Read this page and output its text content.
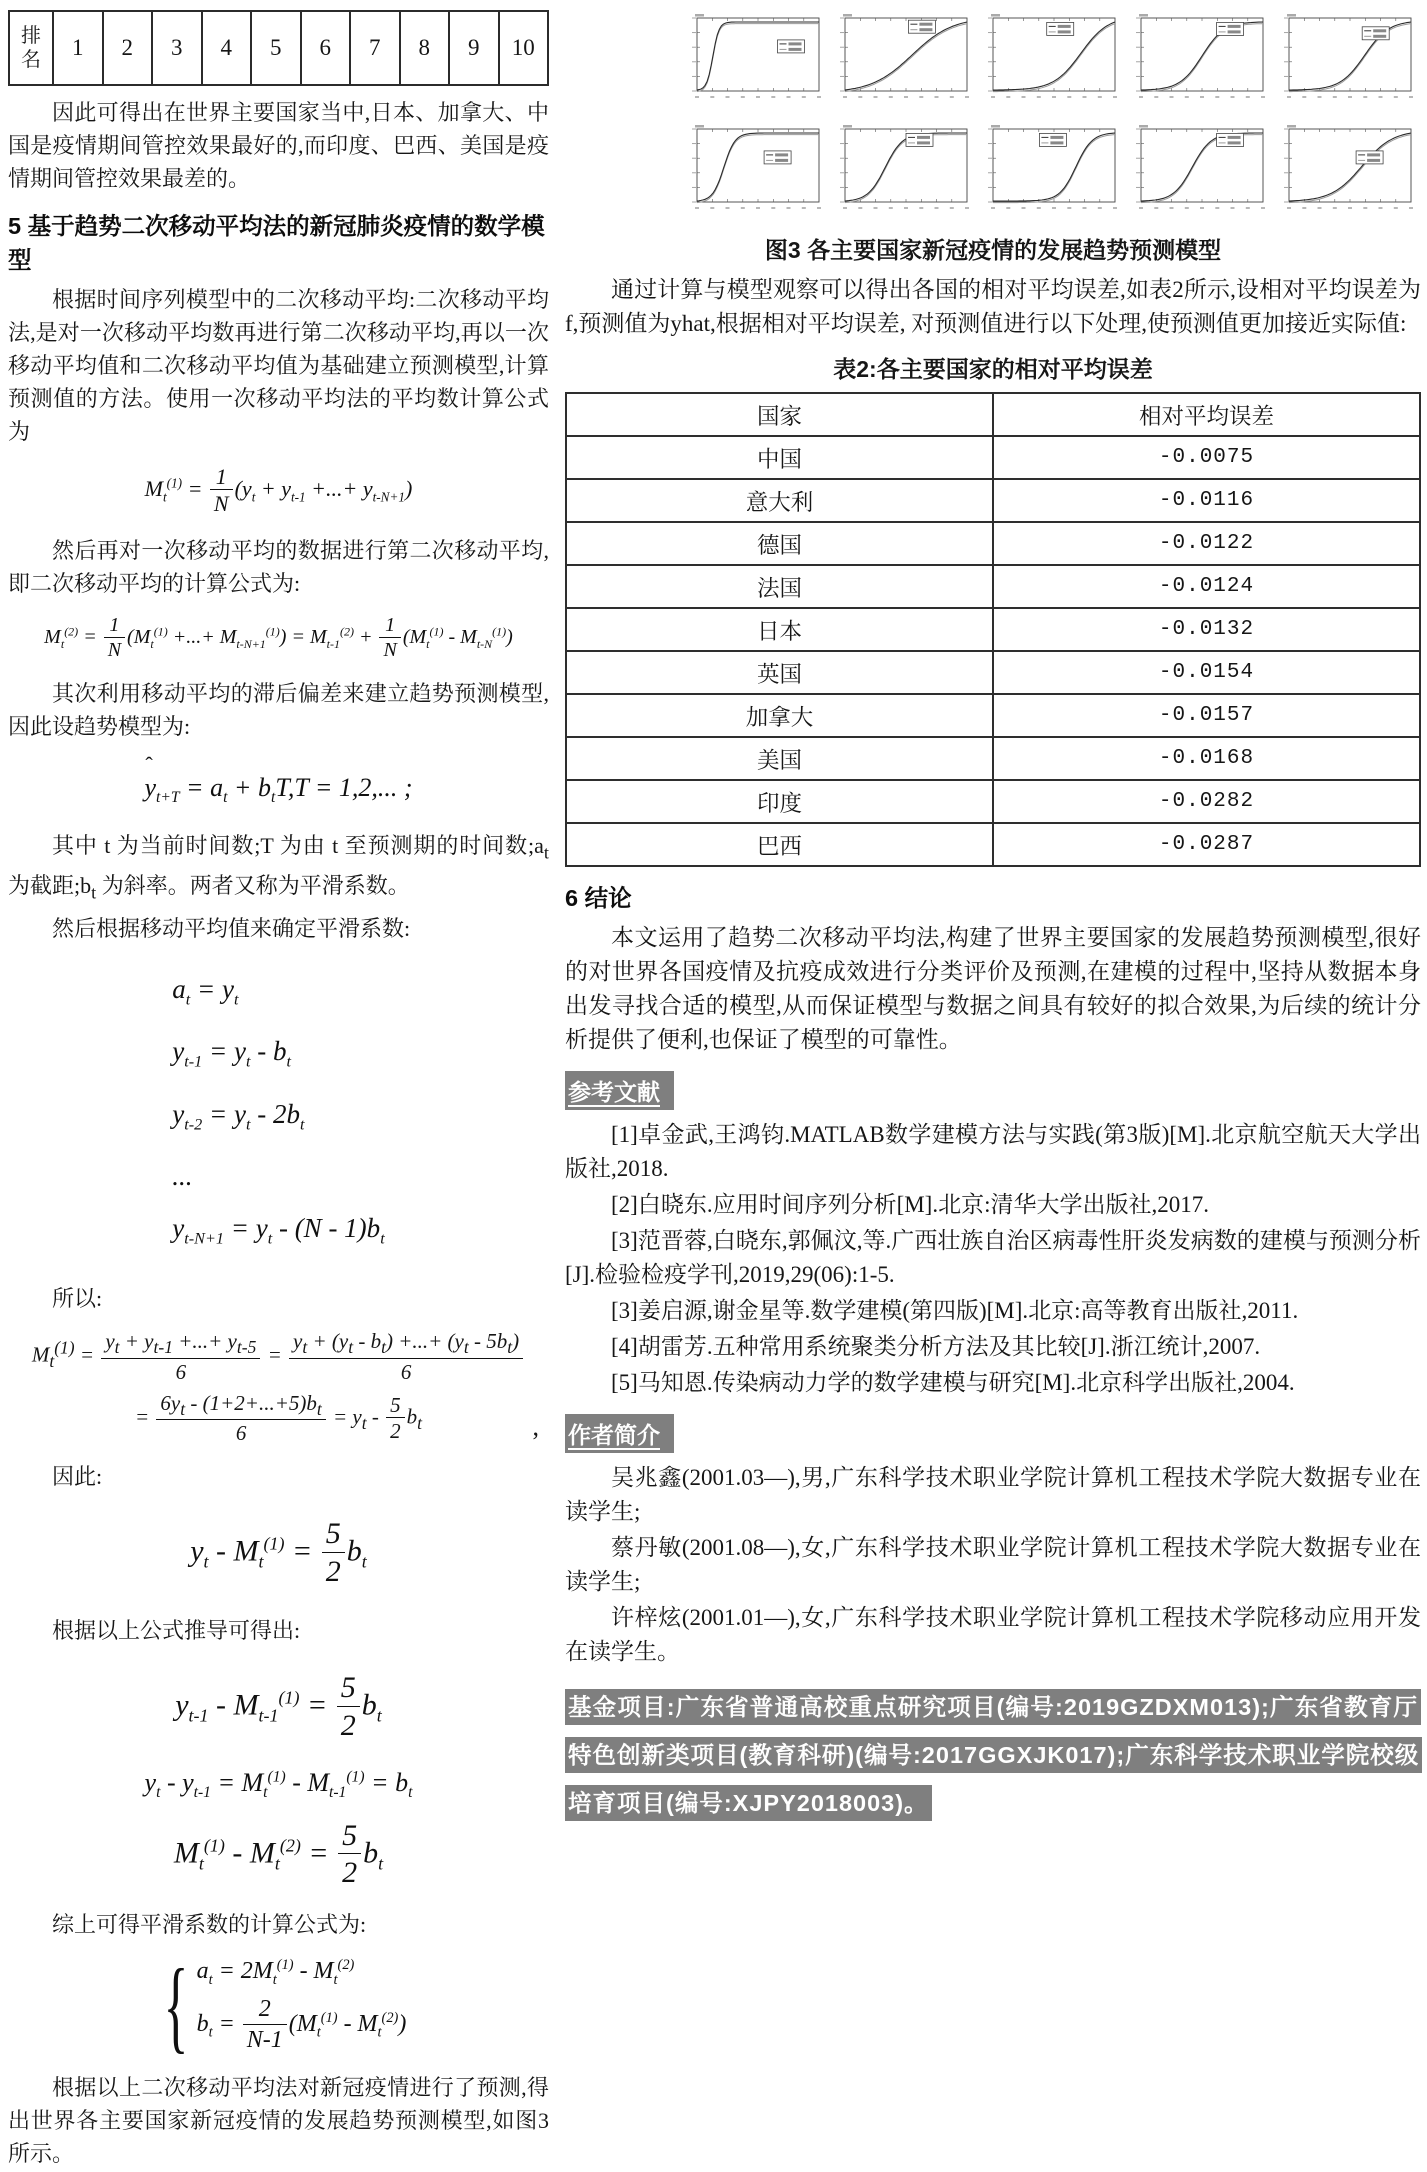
排名	1	2	3	4	5	6	7	8	9	10

因此可得出在世界主要国家当中,日本、加拿大、中国是疫情期间管控效果最好的,而印度、巴西、美国是疫情期间管控效果最差的。

5 基于趋势二次移动平均法的新冠肺炎疫情的数学模型

根据时间序列模型中的二次移动平均:二次移动平均法,是对一次移动平均数再进行第二次移动平均,再以一次移动平均值和二次移动平均值为基础建立预测模型,计算预测值的方法。使用一次移动平均法的平均数计算公式为

$M_t^{(1)} = \frac{1}{N} (y_t + y_{t-1}$ +...+ $y_{t-N+1}$)

然后再对一次移动平均的数据进行第二次移动平均,即二次移动平均的计算公式为:

$M_t^{(2)} = \frac{1}{N} (M_t^{(1)}$ +...+ $M_{t-N+1}^{(1)}) = M_{t-1}^{(2)} + \frac{1}{N} (M_t^{(1)} - M_{t-N}^{(1)})$

其次利用移动平均的滞后偏差来建立趋势预测模型,因此设趋势模型为:

ˆ $y_{t+T} = a_t + b_tT,T = 1,2$,... ;

其中 t 为当前时间数;T 为由 t 至预测期的时间数$;a_t$ 为截距$;b_t$ 为斜率。两者又称为平滑系数。

然后根据移动平均值来确定平滑系数:

$a_t = y_t$
$y_{t-1} = y_t - b_t$
$y_{t-2} = y_t - 2b_t$
...
$y_{t-N+1} = y_t - (N - 1)b_t$

所以:

$M_t^{(1)} = \frac{y_t + y_{t-1} +...+ y_{t-5}}{6} = \frac{y_t + (y_t - b_t) +...+ (y_t - 5b_t)}{6}$
= $\frac{6y_t - (1+2+...+5)b_t}{6} = y_t - \frac{5}{2} b_t$	,

因此:

$y_t - M_t^{(1)} = \frac{5}{2} b_t$

根据以上公式推导可得出:

$y_{t-1} - M_{t-1}^{(1)} = \frac{5}{2} b_t$
$y_t - y_{t-1} = M_t^{(1)} - M_{t-1}^{(1)} = b_t$
$M_t^{(1)} - M_t^{(2)} = \frac{5}{2} b_t$

综上可得平滑系数的计算公式为:

{ $a_t = 2M_t^{(1)} - M_t^{(2)}$
$b_t = \frac{2}{N-1} (M_t^{(1)} - M_t^{(2)})$

根据以上二次移动平均法对新冠疫情进行了预测,得出世界各主要国家新冠疫情的发展趋势预测模型,如图3所示。

图3 各主要国家新冠疫情的发展趋势预测模型

通过计算与模型观察可以得出各国的相对平均误差,如表2所示,设相对平均误差为f,预测值为yhat,根据相对平均误差, 对预测值进行以下处理,使预测值更加接近实际值:

表2:各主要国家的相对平均误差
国家	相对平均误差
中国	-0.0075
意大利	-0.0116
德国	-0.0122
法国	-0.0124
日本	-0.0132
英国	-0.0154
加拿大	-0.0157
美国	-0.0168
印度	-0.0282
巴西	-0.0287
6 结论

本文运用了趋势二次移动平均法,构建了世界主要国家的发展趋势预测模型,很好的对世界各国疫情及抗疫成效进行分类评价及预测,在建模的过程中,坚持从数据本身出发寻找合适的模型,从而保证模型与数据之间具有较好的拟合效果,为后续的统计分析提供了便利,也保证了模型的可靠性。

参考文献

[1]卓金武,王鸿钧.MATLAB数学建模方法与实践(第3版)[M].北京航空航天大学出版社,2018.

[2]白晓东.应用时间序列分析[M].北京:清华大学出版社,2017.

[3]范晋蓉,白晓东,郭佩汶,等.广西壮族自治区病毒性肝炎发病数的建模与预测分析[J].检验检疫学刊,2019,29(06):1-5.

[3]姜启源,谢金星等.数学建模(第四版)[M].北京:高等教育出版社,2011.

[4]胡雷芳.五种常用系统聚类分析方法及其比较[J].浙江统计,2007.

[5]马知恩.传染病动力学的数学建模与研究[M].北京科学出版社,2004.

作者简介

吴兆鑫(2001.03—),男,广东科学技术职业学院计算机工程技术学院大数据专业在读学生;

蔡丹敏(2001.08—),女,广东科学技术职业学院计算机工程技术学院大数据专业在读学生;

许梓炫(2001.01—),女,广东科学技术职业学院计算机工程技术学院移动应用开发在读学生。

基金项目:广东省普通高校重点研究项目(编号:2019GZDXM013);广东省教育厅特色创新类项目(教育科研)(编号:2017GGXJK017);广东科学技术职业学院校级培育项目(编号:XJPY2018003)。
